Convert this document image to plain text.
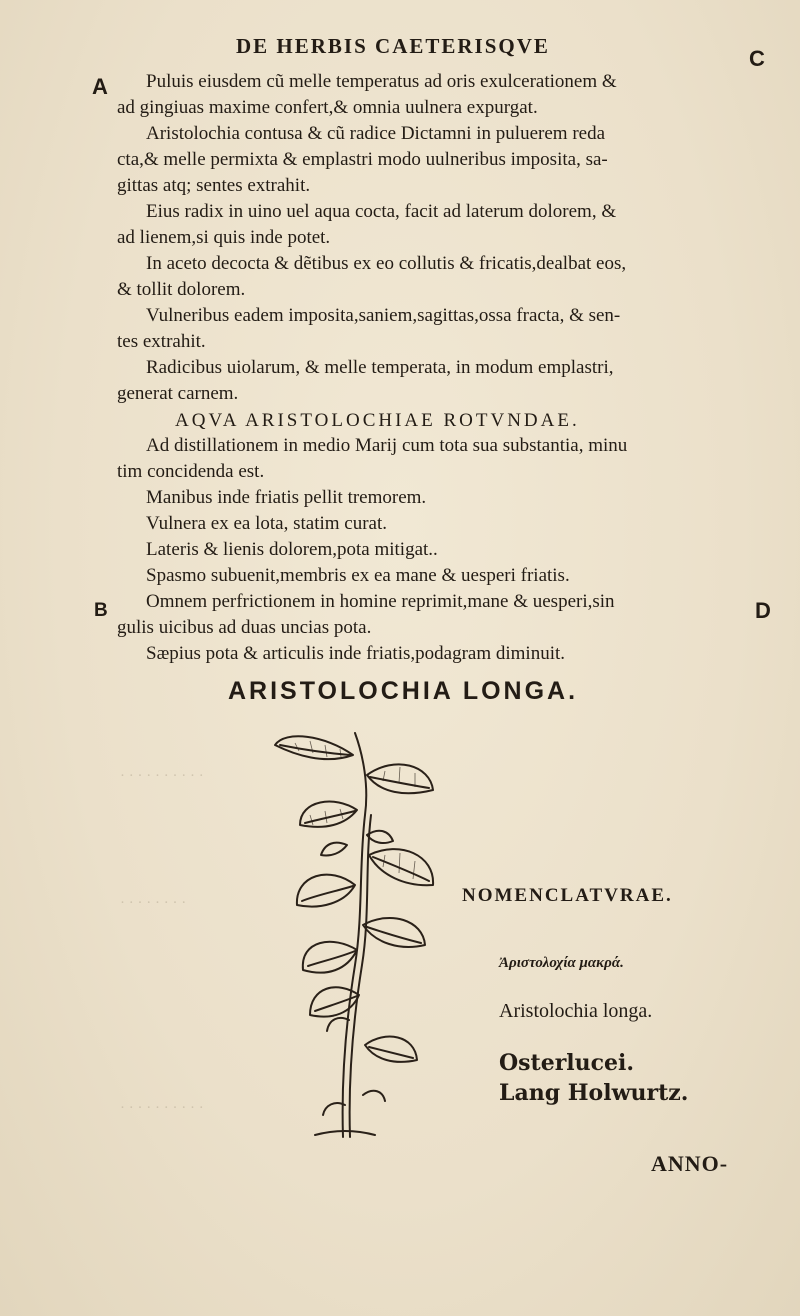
DE HERBIS CAETERISQVE	C
A
B	D
Puluis eiusdem cũ melle temperatus ad oris exulcerationem &
ad gingiuas maxime confert,& omnia uulnera expurgat.
Aristolochia contusa & cũ radice Dictamni in puluerem reda
cta,& melle permixta & emplastri modo uulneribus imposita, sa-
gittas atq; sentes extrahit.
Eius radix in uino uel aqua cocta, facit ad laterum dolorem, &
ad lienem,si quis inde potet.
In aceto decocta & dẽtibus ex eo collutis & fricatis,dealbat eos,
& tollit dolorem.
Vulneribus eadem imposita,saniem,sagittas,ossa fracta, & sen-
tes extrahit.
Radicibus uiolarum, & melle temperata, in modum emplastri,
generat carnem.
AQVA ARISTOLOCHIAE ROTVNDAE.
Ad distillationem in medio Marij cum tota sua substantia, minu
tim concidenda est.
Manibus inde friatis pellit tremorem.
Vulnera ex ea lota, statim curat.
Lateris & lienis dolorem,pota mitigat..
Spasmo subuenit,membris ex ea mane & uesperi friatis.
Omnem perfrictionem in homine reprimit,mane & uesperi,sin
gulis uicibus ad duas uncias pota.
Sæpius pota & articulis inde friatis,podagram diminuit.
ARISTOLOCHIA LONGA.
· · · · · · · · · ·
· · · · · · · ·
· · · · · · · · · ·
NOMENCLATVRAE.
Ἀριστολοχία μακρά.
Aristolochia longa.
Osterlucei.
Lang Holwurtz.
ANNO-
